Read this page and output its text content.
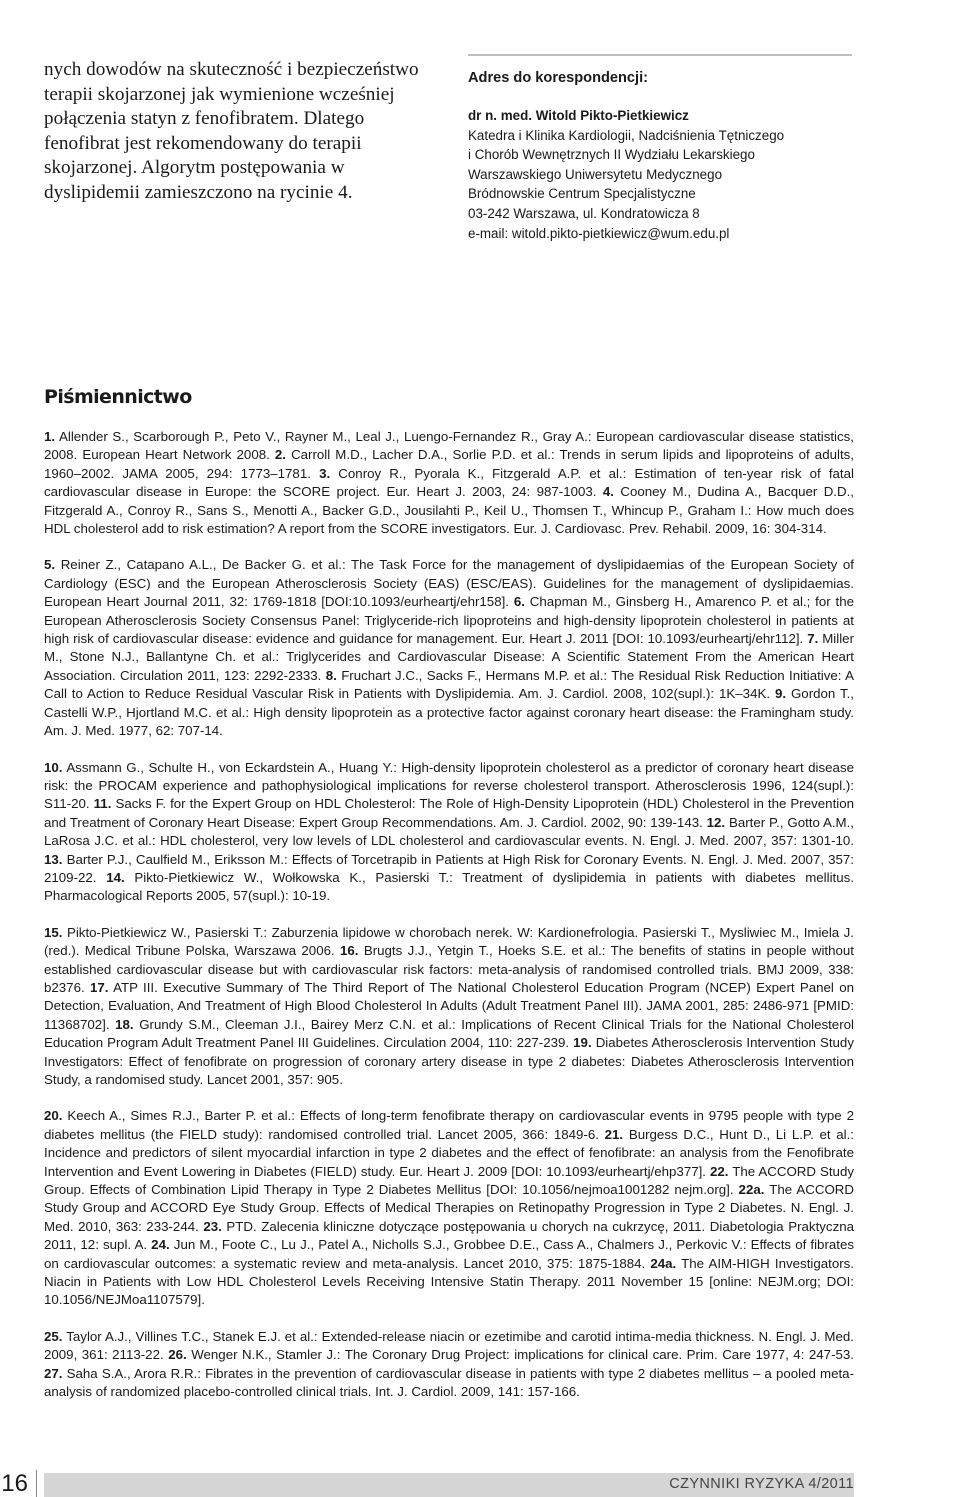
nych dowodów na skuteczność i bezpieczeństwo terapii skojarzonej jak wymienione wcześniej połączenia statyn z fenofibratem. Dlatego fenofibrat jest rekomendowany do terapii skojarzonej. Algorytm postępowania w dyslipidemii zamieszczono na rycinie 4.
Adres do korespondencji:
dr n. med. Witold Pikto-Pietkiewicz
Katedra i Klinika Kardiologii, Nadciśnienia Tętniczego
i Chorób Wewnętrznych II Wydziału Lekarskiego
Warszawskiego Uniwersytetu Medycznego
Bródnowskie Centrum Specjalistyczne
03-242 Warszawa, ul. Kondratowicza 8
e-mail: witold.pikto-pietkiewicz@wum.edu.pl
Piśmiennictwo

1. Allender S., Scarborough P., Peto V., Rayner M., Leal J., Luengo-Fernandez R., Gray A.: European cardiovascular disease statistics, 2008. European Heart Network 2008. 2. Carroll M.D., Lacher D.A., Sorlie P.D. et al.: Trends in serum lipids and lipoproteins of adults, 1960–2002. JAMA 2005, 294: 1773–1781. 3. Conroy R., Pyorala K., Fitzgerald A.P. et al.: Estimation of ten-year risk of fatal cardiovascular disease in Europe: the SCORE project. Eur. Heart J. 2003, 24: 987-1003. 4. Cooney M., Dudina A., Bacquer D.D., Fitzgerald A., Conroy R., Sans S., Menotti A., Backer G.D., Jousilahti P., Keil U., Thomsen T., Whincup P., Graham I.: How much does HDL cholesterol add to risk estimation? A report from the SCORE investigators. Eur. J. Cardiovasc. Prev. Rehabil. 2009, 16: 304-314.

5. Reiner Z., Catapano A.L., De Backer G. et al.: The Task Force for the management of dyslipidaemias of the European Society of Cardiology (ESC) and the European Atherosclerosis Society (EAS) (ESC/EAS). Guidelines for the management of dyslipidaemias. European Heart Journal 2011, 32: 1769-1818 [DOI:10.1093/eurheartj/ehr158]. 6. Chapman M., Ginsberg H., Amarenco P. et al.; for the European Atherosclerosis Society Consensus Panel: Triglyceride-rich lipoproteins and high-density lipoprotein cholesterol in patients at high risk of cardiovascular disease: evidence and guidance for management. Eur. Heart J. 2011 [DOI: 10.1093/eurheartj/ehr112]. 7. Miller M., Stone N.J., Ballantyne Ch. et al.: Triglycerides and Cardiovascular Disease: A Scientific Statement From the American Heart Association. Circulation 2011, 123: 2292-2333. 8. Fruchart J.C., Sacks F., Hermans M.P. et al.: The Residual Risk Reduction Initiative: A Call to Action to Reduce Residual Vascular Risk in Patients with Dyslipidemia. Am. J. Cardiol. 2008, 102(supl.): 1K–34K. 9. Gordon T., Castelli W.P., Hjortland M.C. et al.: High density lipoprotein as a protective factor against coronary heart disease: the Framingham study. Am. J. Med. 1977, 62: 707-14.

10. Assmann G., Schulte H., von Eckardstein A., Huang Y.: High-density lipoprotein cholesterol as a predictor of coronary heart disease risk: the PROCAM experience and pathophysiological implications for reverse cholesterol transport. Atherosclerosis 1996, 124(supl.): S11-20. 11. Sacks F. for the Expert Group on HDL Cholesterol: The Role of High-Density Lipoprotein (HDL) Cholesterol in the Prevention and Treatment of Coronary Heart Disease: Expert Group Recommendations. Am. J. Cardiol. 2002, 90: 139-143. 12. Barter P., Gotto A.M., LaRosa J.C. et al.: HDL cholesterol, very low levels of LDL cholesterol and cardiovascular events. N. Engl. J. Med. 2007, 357: 1301-10. 13. Barter P.J., Caulfield M., Eriksson M.: Effects of Torcetrapib in Patients at High Risk for Coronary Events. N. Engl. J. Med. 2007, 357: 2109-22. 14. Pikto-Pietkiewicz W., Wołkowska K., Pasierski T.: Treatment of dyslipidemia in patients with diabetes mellitus. Pharmacological Reports 2005, 57(supl.): 10-19.

15. Pikto-Pietkiewicz W., Pasierski T.: Zaburzenia lipidowe w chorobach nerek. W: Kardionefrologia. Pasierski T., Mysliwiec M., Imiela J. (red.). Medical Tribune Polska, Warszawa 2006. 16. Brugts J.J., Yetgin T., Hoeks S.E. et al.: The benefits of statins in people without established cardiovascular disease but with cardiovascular risk factors: meta-analysis of randomised controlled trials. BMJ 2009, 338: b2376. 17. ATP III. Executive Summary of The Third Report of The National Cholesterol Education Program (NCEP) Expert Panel on Detection, Evaluation, And Treatment of High Blood Cholesterol In Adults (Adult Treatment Panel III). JAMA 2001, 285: 2486-971 [PMID: 11368702]. 18. Grundy S.M., Cleeman J.I., Bairey Merz C.N. et al.: Implications of Recent Clinical Trials for the National Cholesterol Education Program Adult Treatment Panel III Guidelines. Circulation 2004, 110: 227-239. 19. Diabetes Atherosclerosis Intervention Study Investigators: Effect of fenofibrate on progression of coronary artery disease in type 2 diabetes: Diabetes Atherosclerosis Intervention Study, a randomised study. Lancet 2001, 357: 905.

20. Keech A., Simes R.J., Barter P. et al.: Effects of long-term fenofibrate therapy on cardiovascular events in 9795 people with type 2 diabetes mellitus (the FIELD study): randomised controlled trial. Lancet 2005, 366: 1849-6. 21. Burgess D.C., Hunt D., Li L.P. et al.: Incidence and predictors of silent myocardial infarction in type 2 diabetes and the effect of fenofibrate: an analysis from the Fenofibrate Intervention and Event Lowering in Diabetes (FIELD) study. Eur. Heart J. 2009 [DOI: 10.1093/eurheartj/ehp377]. 22. The ACCORD Study Group. Effects of Combination Lipid Therapy in Type 2 Diabetes Mellitus [DOI: 10.1056/nejmoa1001282 nejm.org]. 22a. The ACCORD Study Group and ACCORD Eye Study Group. Effects of Medical Therapies on Retinopathy Progression in Type 2 Diabetes. N. Engl. J. Med. 2010, 363: 233-244. 23. PTD. Zalecenia kliniczne dotyczące postępowania u chorych na cukrzycę, 2011. Diabetologia Praktyczna 2011, 12: supl. A. 24. Jun M., Foote C., Lu J., Patel A., Nicholls S.J., Grobbee D.E., Cass A., Chalmers J., Perkovic V.: Effects of fibrates on cardiovascular outcomes: a systematic review and meta-analysis. Lancet 2010, 375: 1875-1884. 24a. The AIM-HIGH Investigators. Niacin in Patients with Low HDL Cholesterol Levels Receiving Intensive Statin Therapy. 2011 November 15 [online: NEJM.org; DOI: 10.1056/NEJMoa1107579].

25. Taylor A.J., Villines T.C., Stanek E.J. et al.: Extended-release niacin or ezetimibe and carotid intima-media thickness. N. Engl. J. Med. 2009, 361: 2113-22. 26. Wenger N.K., Stamler J.: The Coronary Drug Project: implications for clinical care. Prim. Care 1977, 4: 247-53. 27. Saha S.A., Arora R.R.: Fibrates in the prevention of cardiovascular disease in patients with type 2 diabetes mellitus – a pooled meta-analysis of randomized placebo-controlled clinical trials. Int. J. Cardiol. 2009, 141: 157-166.

16	CZYNNIKI RYZYKA 4/2011
